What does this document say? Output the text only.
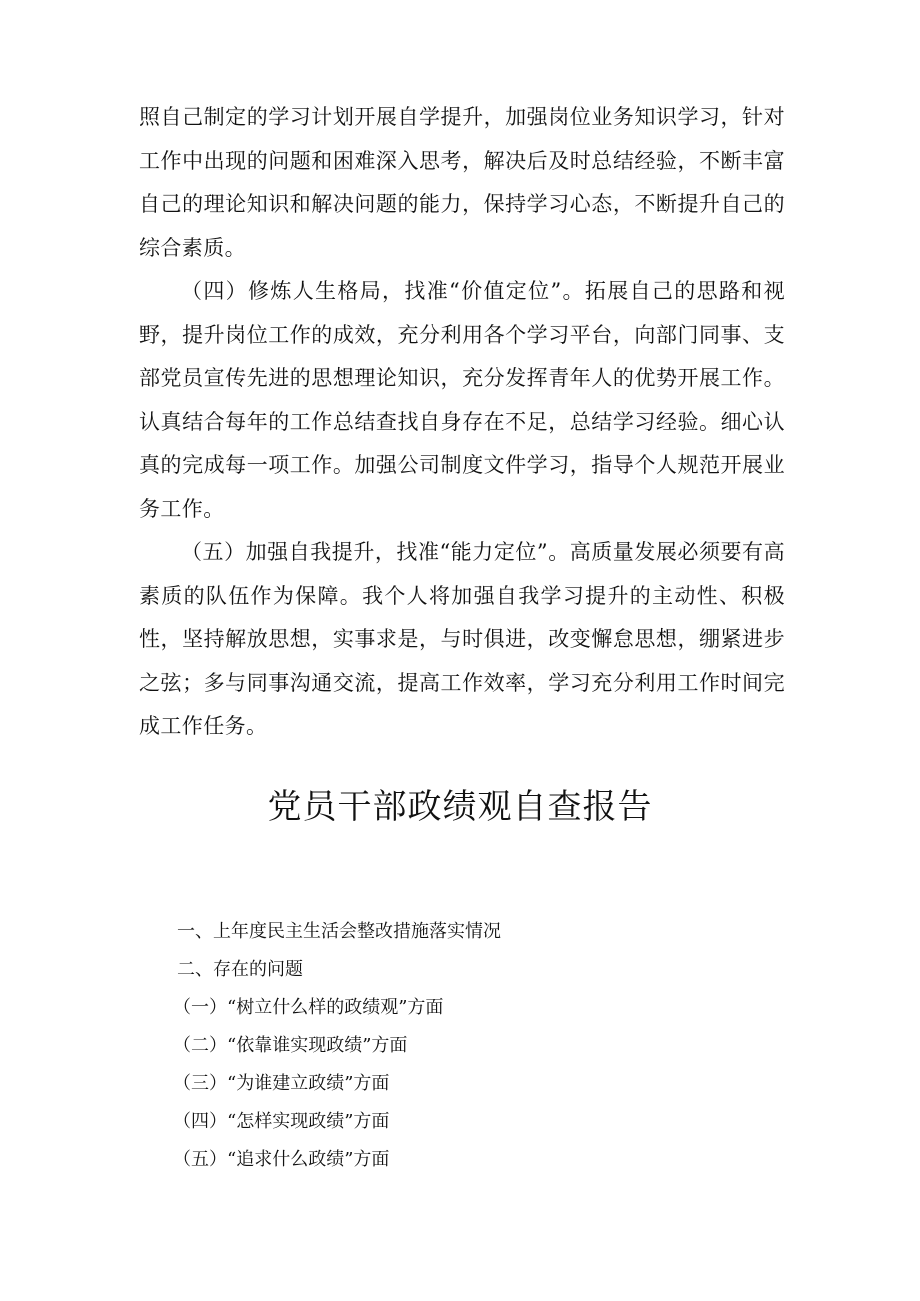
照自己制定的学习计划开展自学提升，加强岗位业务知识学习，针对工作中出现的问题和困难深入思考，解决后及时总结经验，不断丰富自己的理论知识和解决问题的能力，保持学习心态，不断提升自己的综合素质。

（四）修炼人生格局，找准“价值定位”。拓展自己的思路和视野，提升岗位工作的成效，充分利用各个学习平台，向部门同事、支部党员宣传先进的思想理论知识，充分发挥青年人的优势开展工作。认真结合每年的工作总结查找自身存在不足，总结学习经验。细心认真的完成每一项工作。加强公司制度文件学习，指导个人规范开展业务工作。

（五）加强自我提升，找准“能力定位”。高质量发展必须要有高素质的队伍作为保障。我个人将加强自我学习提升的主动性、积极性，坚持解放思想，实事求是，与时俱进，改变懈怠思想，绷紧进步之弦；多与同事沟通交流，提高工作效率，学习充分利用工作时间完成工作任务。

党员干部政绩观自查报告
一、上年度民主生活会整改措施落实情况
二、存在的问题
（一）“树立什么样的政绩观”方面
（二）“依靠谁实现政绩”方面
（三）“为谁建立政绩”方面
（四）“怎样实现政绩”方面
（五）“追求什么政绩”方面
